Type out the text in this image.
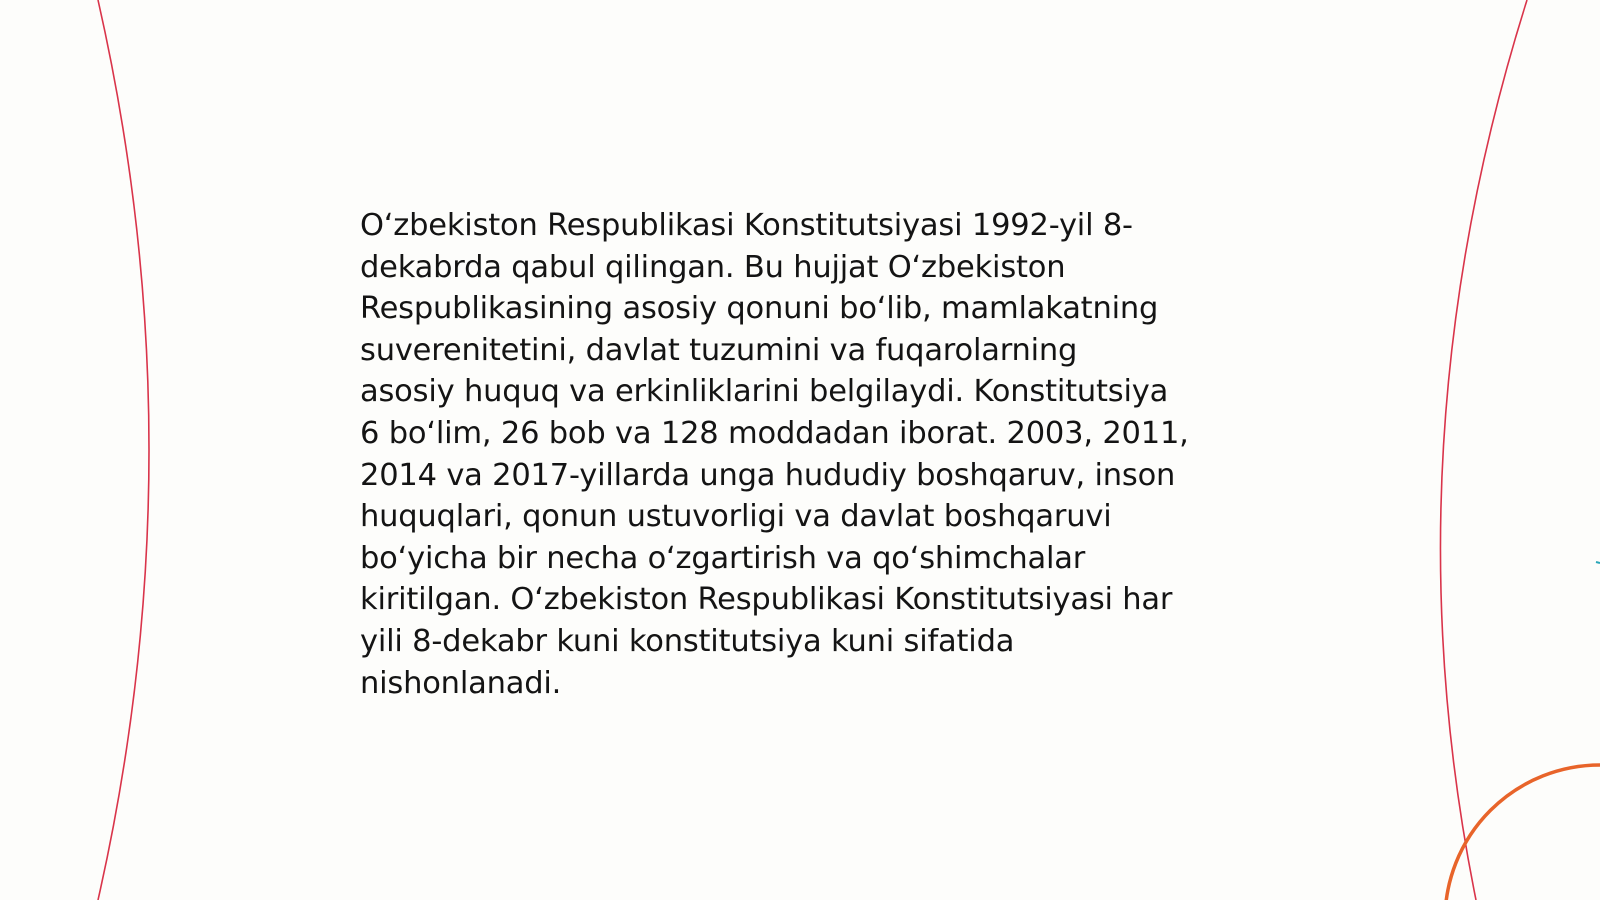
O‘zbekiston Respublikasi Konstitutsiyasi 1992-yil 8-
dekabrda qabul qilingan. Bu hujjat O‘zbekiston
Respublikasining asosiy qonuni bo‘lib, mamlakatning
suverenitetini, davlat tuzumini va fuqarolarning
asosiy huquq va erkinliklarini belgilaydi. Konstitutsiya
6 bo‘lim, 26 bob va 128 moddadan iborat. 2003, 2011,
2014 va 2017-yillarda unga hududiy boshqaruv, inson
huquqlari, qonun ustuvorligi va davlat boshqaruvi
bo‘yicha bir necha o‘zgartirish va qo‘shimchalar
kiritilgan. O‘zbekiston Respublikasi Konstitutsiyasi har
yili 8-dekabr kuni konstitutsiya kuni sifatida
nishonlanadi.
